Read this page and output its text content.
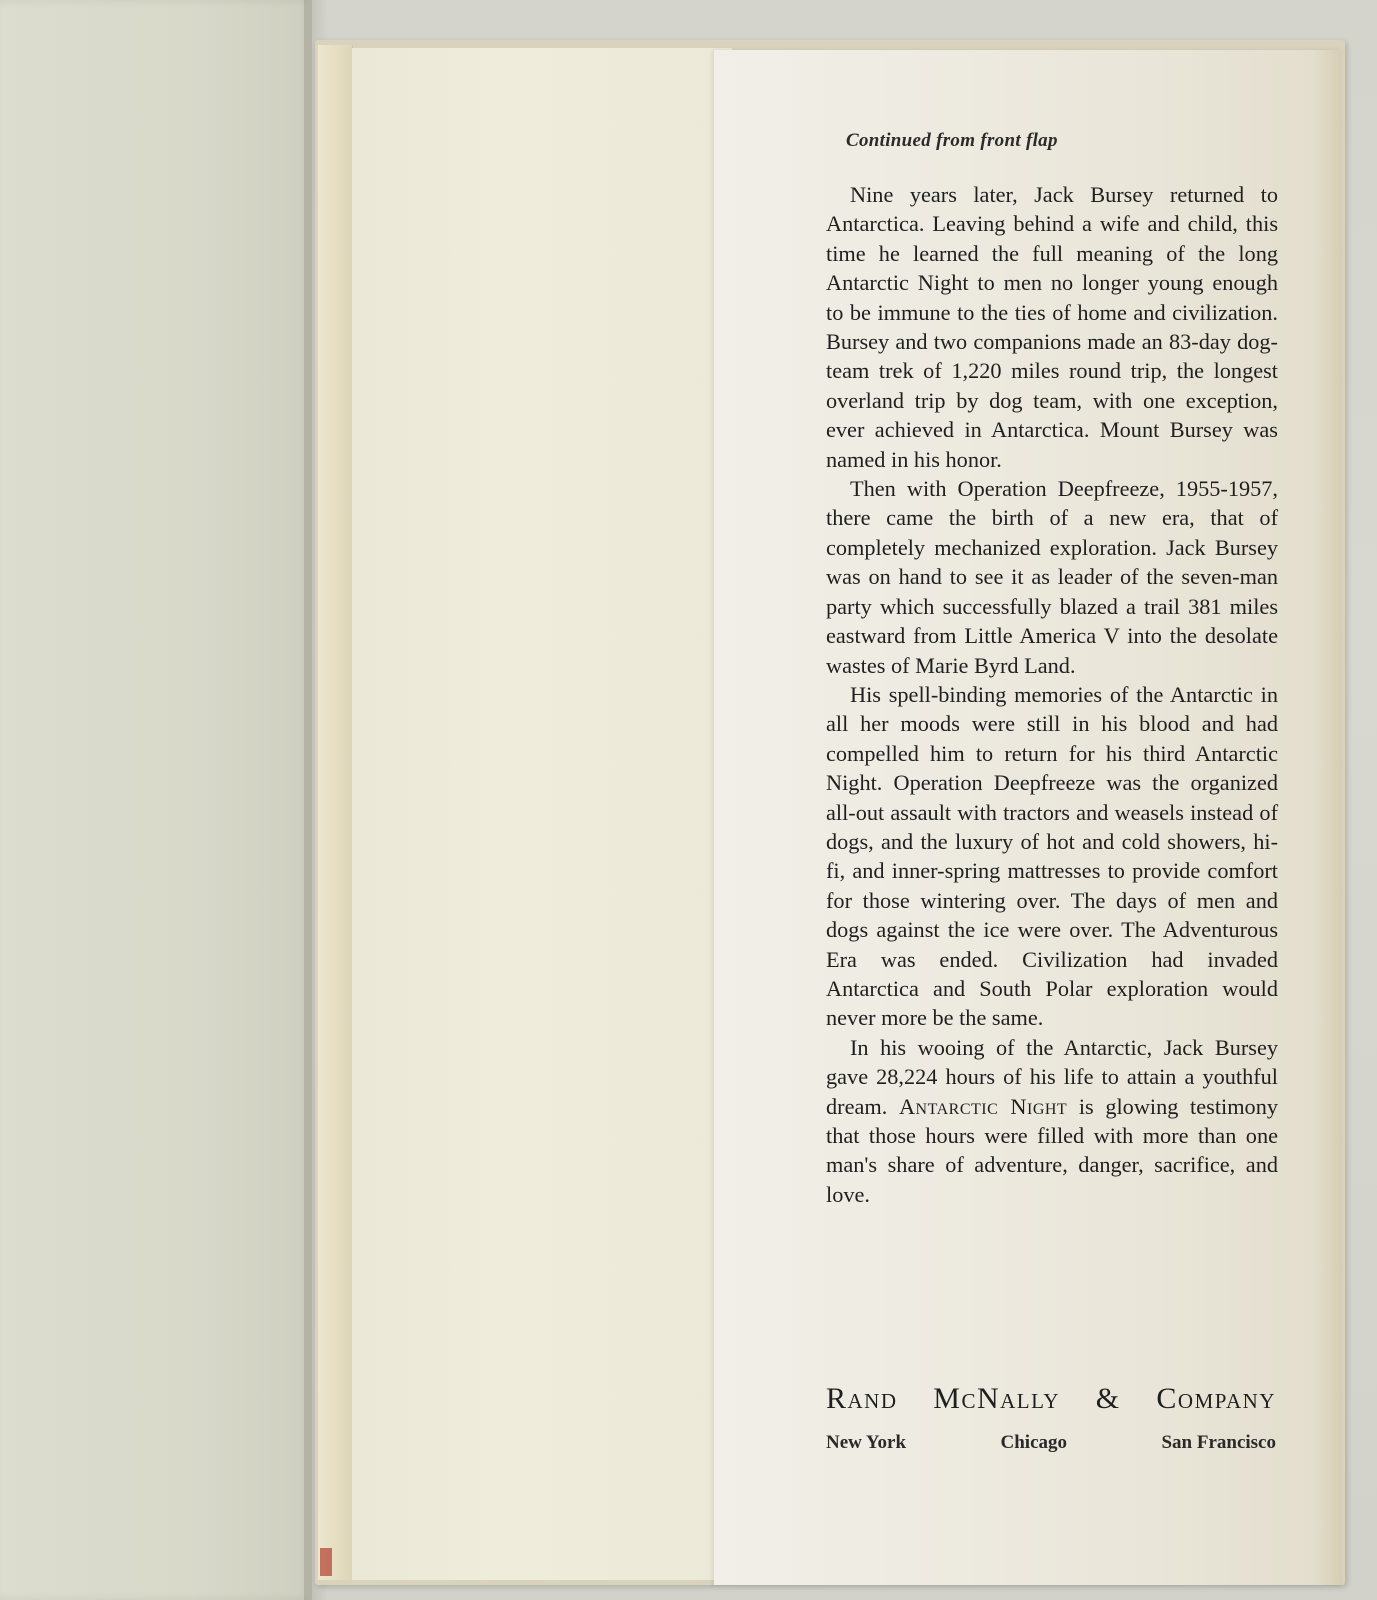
Continued from front flap

Nine years later, Jack Bursey returned to Antarctica. Leaving behind a wife and child, this time he learned the full meaning of the long Antarctic Night to men no longer young enough to be immune to the ties of home and civilization. Bursey and two companions made an 83-day dog-team trek of 1,220 miles round trip, the longest overland trip by dog team, with one exception, ever achieved in Antarctica. Mount Bursey was named in his honor.

Then with Operation Deepfreeze, 1955-1957, there came the birth of a new era, that of completely mechanized exploration. Jack Bursey was on hand to see it as leader of the seven-man party which successfully blazed a trail 381 miles eastward from Little America V into the desolate wastes of Marie Byrd Land.

His spell-binding memories of the Antarctic in all her moods were still in his blood and had compelled him to return for his third Antarctic Night. Operation Deepfreeze was the organized all-out assault with tractors and weasels instead of dogs, and the luxury of hot and cold showers, hi-fi, and inner-spring mattresses to provide comfort for those wintering over. The days of men and dogs against the ice were over. The Adventurous Era was ended. Civilization had invaded Antarctica and South Polar exploration would never more be the same.

In his wooing of the Antarctic, Jack Bursey gave 28,224 hours of his life to attain a youthful dream. Antarctic Night is glowing testimony that those hours were filled with more than one man's share of adventure, danger, sacrifice, and love.

Rand McNally & Company
New York	Chicago	San Francisco
